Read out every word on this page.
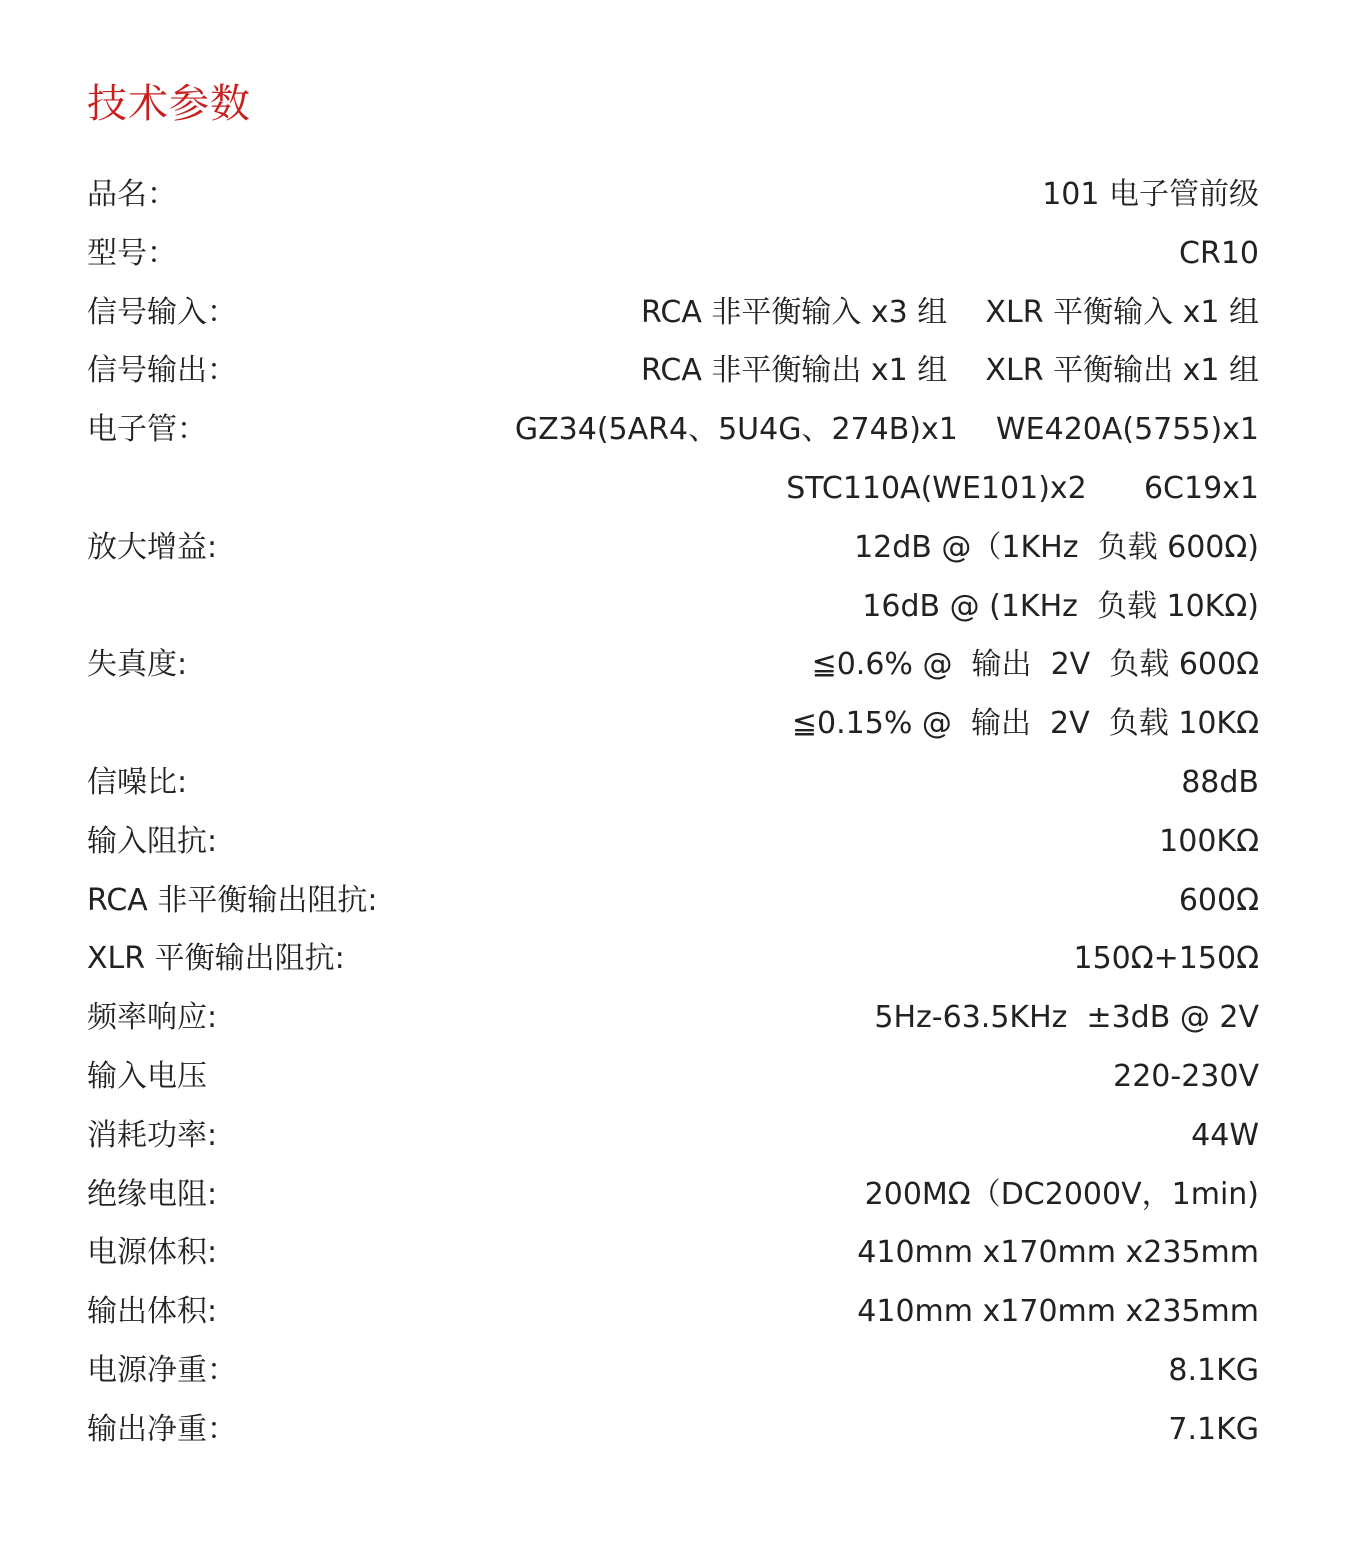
技术参数
品名：	101 电子管前级
型号：	CR10
信号输入：	RCA 非平衡输入 x3 组    XLR 平衡输入 x1 组
信号输出：	RCA 非平衡输出 x1 组    XLR 平衡输出 x1 组
电子管：	GZ34(5AR4、5U4G、274B)x1    WE420A(5755)x1
STC110A(WE101)x2      6C19x1
放大增益:	12dB @（1KHz  负载 600Ω)
16dB @ (1KHz  负载 10KΩ)
失真度:	≦0.6% @  输出  2V  负载 600Ω
≦0.15% @  输出  2V  负载 10KΩ
信噪比:	88dB
输入阻抗:	100KΩ
RCA 非平衡输出阻抗:	600Ω
XLR 平衡输出阻抗:	150Ω+150Ω
频率响应:	5Hz-63.5KHz  ±3dB @ 2V
输入电压	220-230V
消耗功率:	44W
绝缘电阻:	200MΩ（DC2000V，1min)
电源体积:	410mm x170mm x235mm
输出体积:	410mm x170mm x235mm
电源净重：	8.1KG
输出净重：	7.1KG
